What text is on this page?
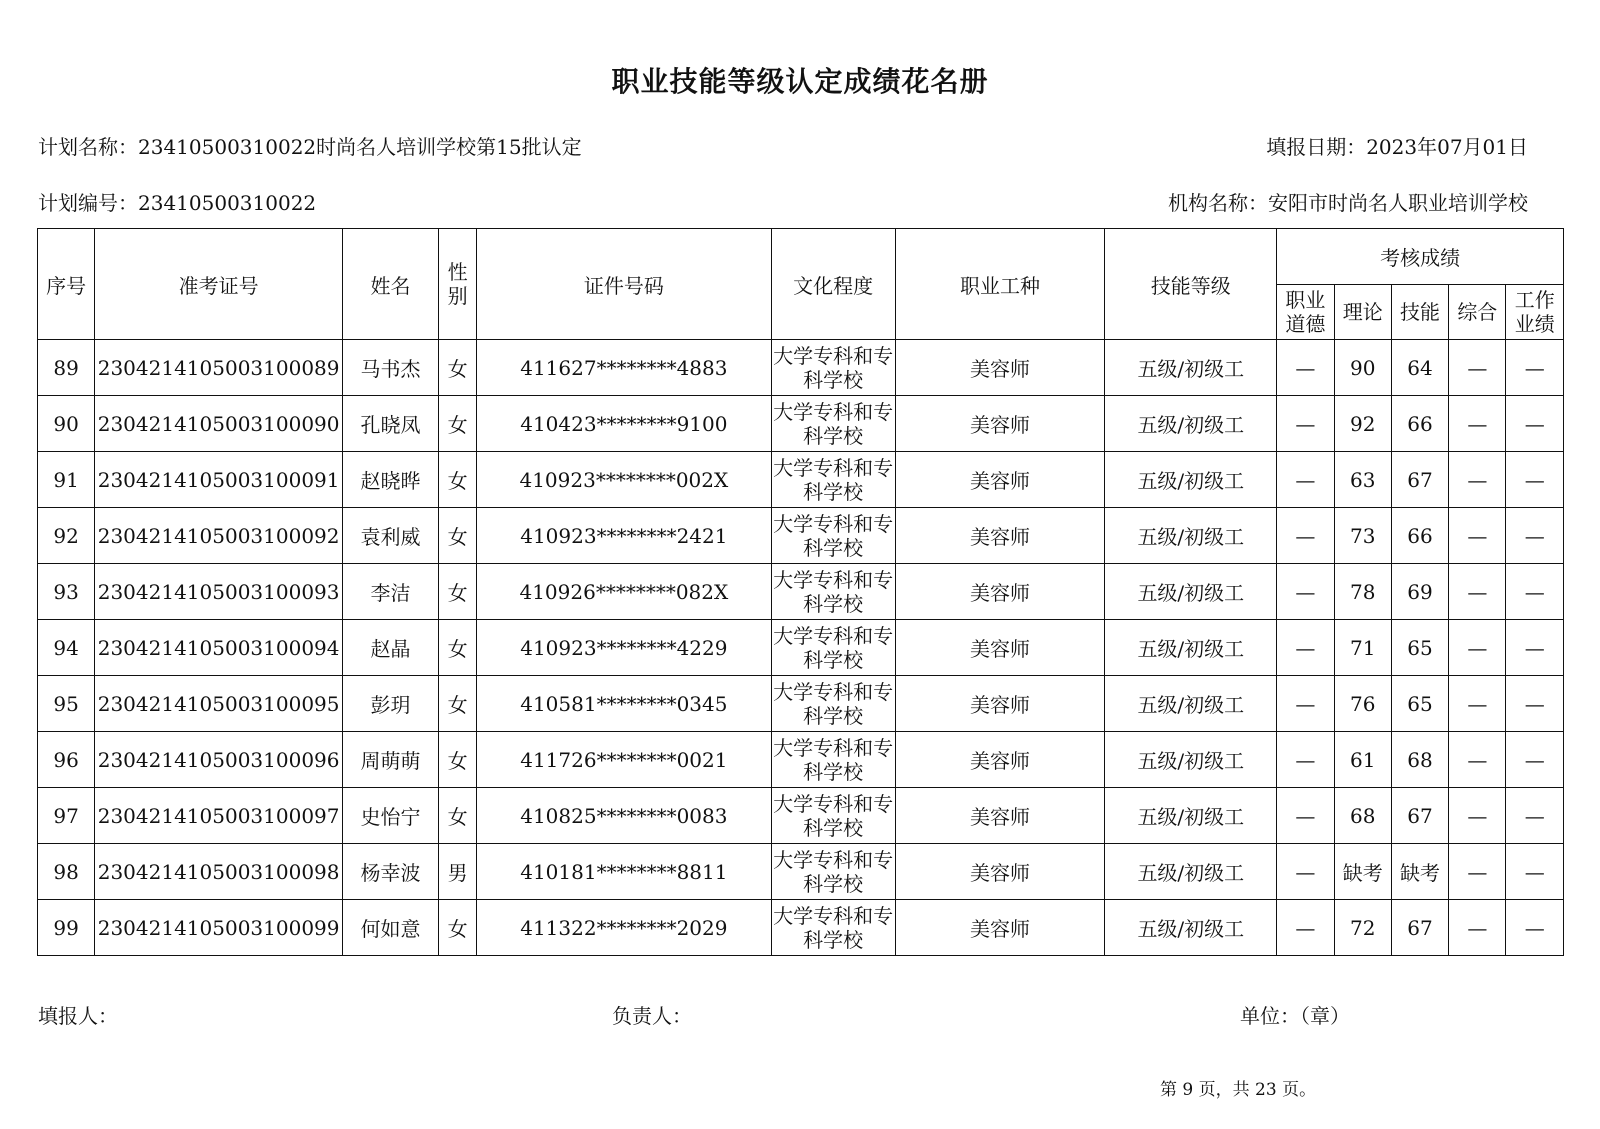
职业技能等级认定成绩花名册
计划名称：23410500310022时尚名人培训学校第15批认定	填报日期：2023年07月01日
计划编号：23410500310022	机构名称：安阳市时尚名人职业培训学校
序号	准考证号	姓名	性别	证件号码	文化程度	职业工种	技能等级	考核成绩				
								职业道德	理论	技能	综合	工作业绩
89	2304214105003100089	马书杰	女	411627********4883	大学专科和专科学校	美容师	五级/初级工	—	90	64	—	—
90	2304214105003100090	孔晓凤	女	410423********9100	大学专科和专科学校	美容师	五级/初级工	—	92	66	—	—
91	2304214105003100091	赵晓晔	女	410923********002X	大学专科和专科学校	美容师	五级/初级工	—	63	67	—	—
92	2304214105003100092	袁利威	女	410923********2421	大学专科和专科学校	美容师	五级/初级工	—	73	66	—	—
93	2304214105003100093	李洁	女	410926********082X	大学专科和专科学校	美容师	五级/初级工	—	78	69	—	—
94	2304214105003100094	赵晶	女	410923********4229	大学专科和专科学校	美容师	五级/初级工	—	71	65	—	—
95	2304214105003100095	彭玥	女	410581********0345	大学专科和专科学校	美容师	五级/初级工	—	76	65	—	—
96	2304214105003100096	周萌萌	女	411726********0021	大学专科和专科学校	美容师	五级/初级工	—	61	68	—	—
97	2304214105003100097	史怡宁	女	410825********0083	大学专科和专科学校	美容师	五级/初级工	—	68	67	—	—
98	2304214105003100098	杨幸波	男	410181********8811	大学专科和专科学校	美容师	五级/初级工	—	缺考	缺考	—	—
99	2304214105003100099	何如意	女	411322********2029	大学专科和专科学校	美容师	五级/初级工	—	72	67	—	—
填报人：	负责人：	单位：（章）
第 9 页，共 23 页。
